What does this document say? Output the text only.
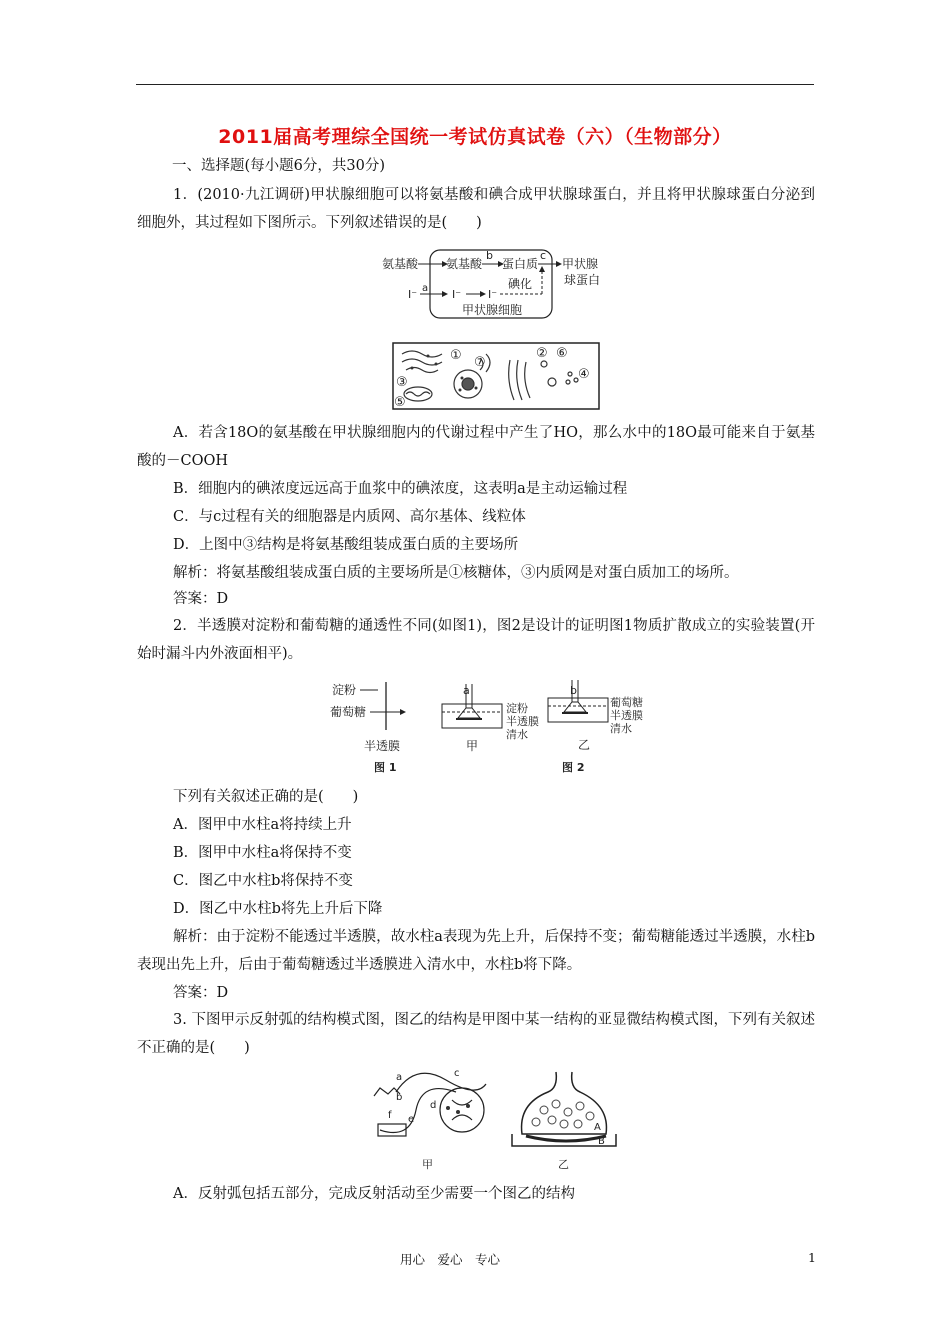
2011届高考理综全国统一考试仿真试卷（六）（生物部分）
一、选择题(每小题6分，共30分)
1．(2010·九江调研)甲状腺细胞可以将氨基酸和碘合成甲状腺球蛋白，并且将甲状腺球蛋白分泌到细胞外，其过程如下图所示。下列叙述错误的是(　　)
氨基酸 氨基酸
b
蛋白质
c
甲状腺
球蛋白
I⁻ a I⁻ I⁻
碘化
甲状腺细胞
①	②
③
④
⑤
⑥
⑦
A．若含18O的氨基酸在甲状腺细胞内的代谢过程中产生了HO，那么水中的18O最可能来自于氨基酸的－COOH
B．细胞内的碘浓度远远高于血浆中的碘浓度，这表明a是主动运输过程
C．与c过程有关的细胞器是内质网、高尔基体、线粒体
D．上图中③结构是将氨基酸组装成蛋白质的主要场所
解析：将氨基酸组装成蛋白质的主要场所是①核糖体，③内质网是对蛋白质加工的场所。
答案：D
2．半透膜对淀粉和葡萄糖的通透性不同(如图1)，图2是设计的证明图1物质扩散成立的实验装置(开始时漏斗内外液面相平)。
淀粉
葡萄糖
半透膜
图 1
a
淀粉
半透膜
清水
甲
b
葡萄糖
半透膜
清水
乙
图 2
下列有关叙述正确的是(　　)
A．图甲中水柱a将持续上升
B．图甲中水柱a将保持不变
C．图乙中水柱b将保持不变
D．图乙中水柱b将先上升后下降
解析：由于淀粉不能透过半透膜，故水柱a表现为先上升，后保持不变；葡萄糖能透过半透膜，水柱b表现出先上升，后由于葡萄糖透过半透膜进入清水中，水柱b将下降。
答案：D
3. 下图甲示反射弧的结构模式图，图乙的结构是甲图中某一结构的亚显微结构模式图，下列有关叙述不正确的是(　　)
a
b
c
d
e
f
甲
A
B
乙
A．反射弧包括五部分，完成反射活动至少需要一个图乙的结构
用心　爱心　专心	1
